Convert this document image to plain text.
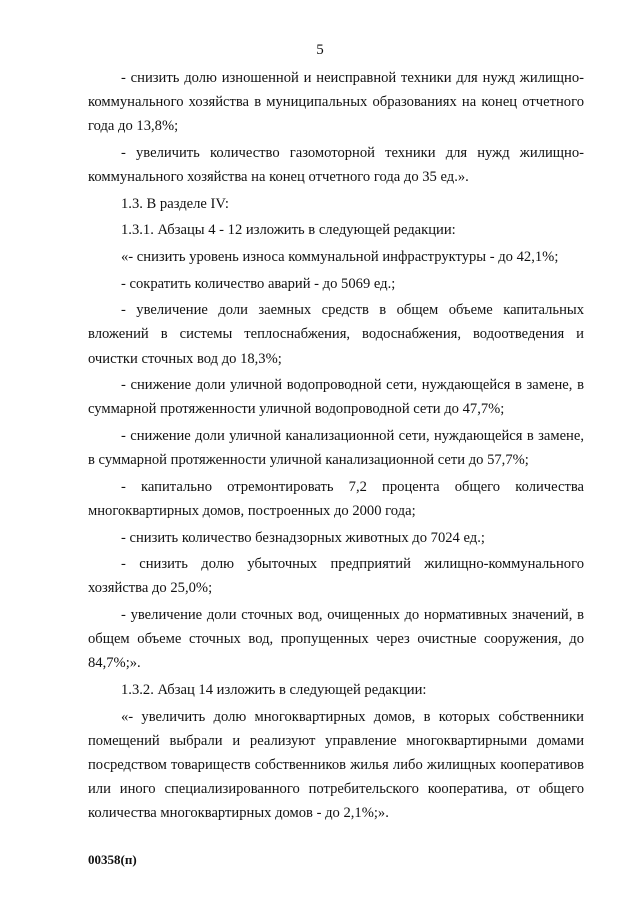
5

- снизить долю изношенной и неисправной техники для нужд жилищно-коммунального хозяйства в муниципальных образованиях на конец отчетного года до 13,8%;

- увеличить количество газомоторной техники для нужд жилищно-коммунального хозяйства на конец отчетного года до 35 ед.».

1.3. В разделе IV:

1.3.1. Абзацы 4 - 12 изложить в следующей редакции:

«- снизить уровень износа коммунальной инфраструктуры - до 42,1%;

- сократить количество аварий - до 5069 ед.;

- увеличение доли заемных средств в общем объеме капитальных вложений в системы теплоснабжения, водоснабжения, водоотведения и очистки сточных вод до 18,3%;

- снижение доли уличной водопроводной сети, нуждающейся в замене, в суммарной протяженности уличной водопроводной сети до 47,7%;

- снижение доли уличной канализационной сети, нуждающейся в замене, в суммарной протяженности уличной канализационной сети до 57,7%;

- капитально отремонтировать 7,2 процента общего количества многоквартирных домов, построенных до 2000 года;

- снизить количество безнадзорных животных до 7024 ед.;

- снизить долю убыточных предприятий жилищно-коммунального хозяйства до 25,0%;

- увеличение доли сточных вод, очищенных до нормативных значений, в общем объеме сточных вод, пропущенных через очистные сооружения, до 84,7%;».

1.3.2. Абзац 14 изложить в следующей редакции:

«- увеличить долю многоквартирных домов, в которых собственники помещений выбрали и реализуют управление многоквартирными домами посредством товариществ собственников жилья либо жилищных кооперативов или иного специализированного потребительского кооператива, от общего количества многоквартирных домов - до 2,1%;».

00358(п)
